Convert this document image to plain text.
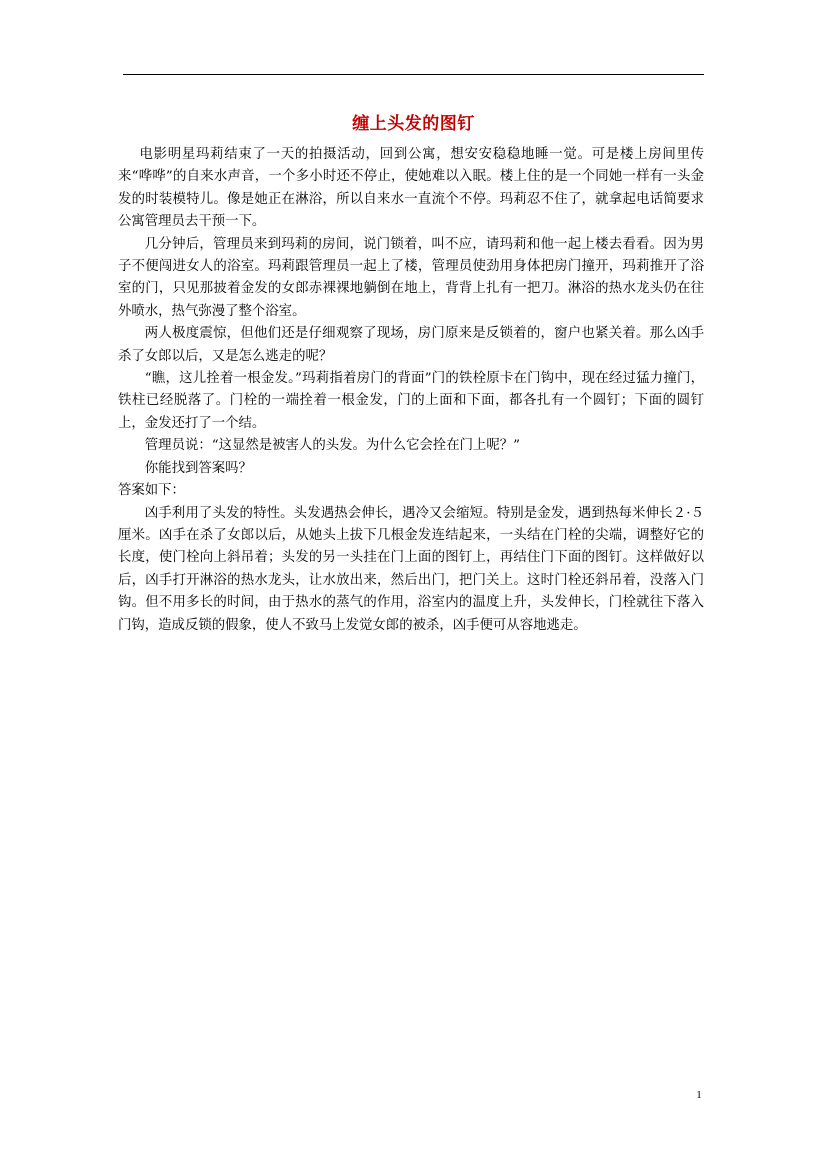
缠上头发的图钉

电影明星玛莉结束了一天的拍摄活动，回到公寓，想安安稳稳地睡一觉。可是楼上房间里传来“哗哗”的自来水声音，一个多小时还不停止，使她难以入眠。楼上住的是一个同她一样有一头金发的时装模特儿。像是她正在淋浴，所以自来水一直流个不停。玛莉忍不住了，就拿起电话简要求公寓管理员去干预一下。

几分钟后，管理员来到玛莉的房间，说门锁着，叫不应，请玛莉和他一起上楼去看看。因为男子不便闯进女人的浴室。玛莉跟管理员一起上了楼，管理员使劲用身体把房门撞开，玛莉推开了浴室的门，只见那披着金发的女郎赤裸裸地躺倒在地上，背背上扎有一把刀。淋浴的热水龙头仍在往外喷水，热气弥漫了整个浴室。

两人极度震惊，但他们还是仔细观察了现场，房门原来是反锁着的，窗户也紧关着。那么凶手杀了女郎以后，又是怎么逃走的呢？

“瞧，这儿拴着一根金发。”玛莉指着房门的背面”门的铁栓原卡在门钩中，现在经过猛力撞门，铁柱已经脱落了。门栓的一端拴着一根金发，门的上面和下面，都各扎有一个圆钉；下面的圆钉上，金发还打了一个结。

管理员说：“这显然是被害人的头发。为什么它会拴在门上呢？”

你能找到答案吗？

答案如下：

凶手利用了头发的特性。头发遇热会伸长，遇冷又会缩短。特别是金发，遇到热每米伸长２·５厘米。凶手在杀了女郎以后，从她头上拔下几根金发连结起来，一头结在门栓的尖端，调整好它的长度，使门栓向上斜吊着；头发的另一头挂在门上面的图钉上，再结住门下面的图钉。这样做好以后，凶手打开淋浴的热水龙头，让水放出来，然后出门，把门关上。这时门栓还斜吊着，没落入门钩。但不用多长的时间，由于热水的蒸气的作用，浴室内的温度上升，头发伸长，门栓就往下落入门钩，造成反锁的假象，使人不致马上发觉女郎的被杀，凶手便可从容地逃走。

1
